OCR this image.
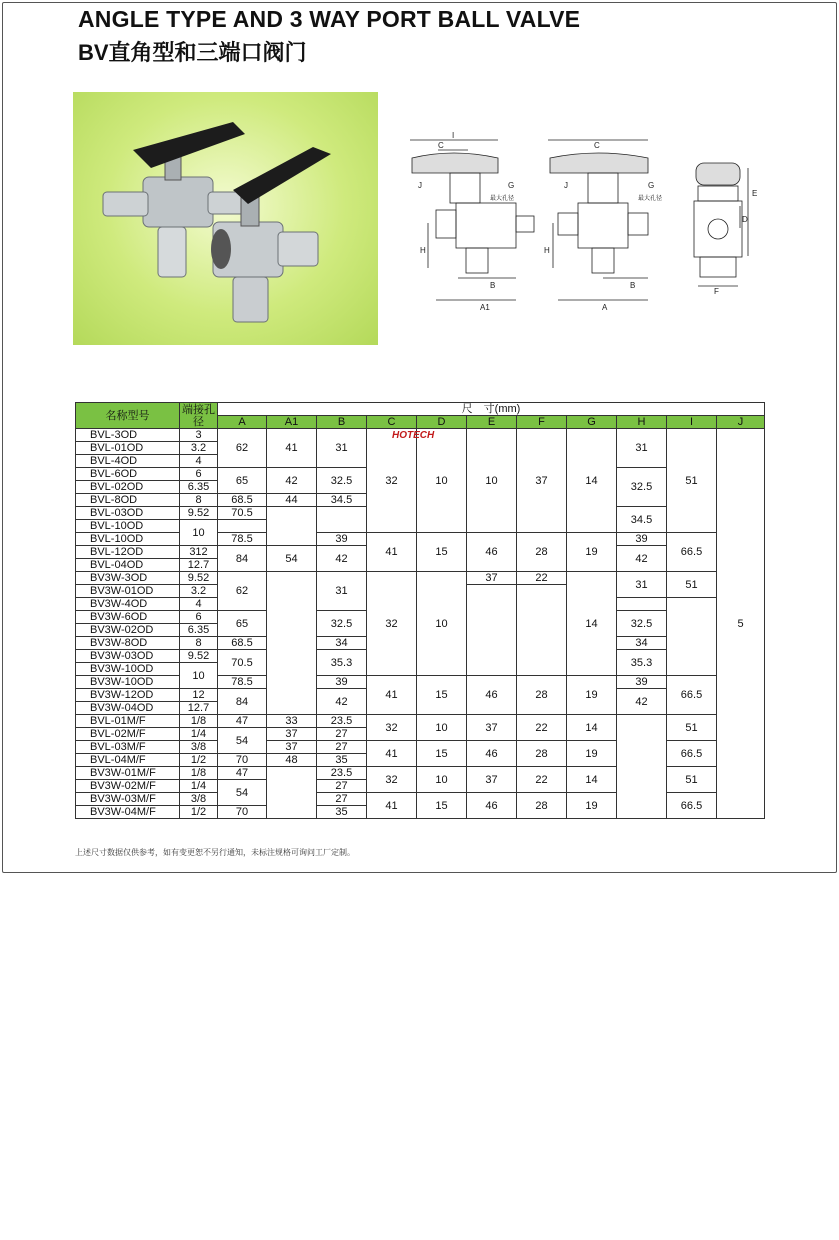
ANGLE TYPE AND 3 WAY PORT BALL VALVE
BV直角型和三端口阀门
I
C
J	G
H
B
A1
C
J	G
H
B
A
E
D
F
最大孔径	最大孔径
名称型号	端接孔径	尺　寸(mm)										
		A	A1	B	C	D	E	F	G	H	I	J
BVL-3OD	3	62	41	31	32	10	10	37	14	31	51	5
BVL-01OD	3.2											
BVL-4OD	4											
BVL-6OD	6	65	42	32.5						32.5		
BVL-02OD	6.35											
BVL-8OD	8	68.5	44	34.5								
BVL-03OD	9.52	70.5								34.5		
BVL-10OD	10											
BVL-10OD		78.5		39	41	15	46	28	19	39	66.5	
BVL-12OD	312	84	54	42						42		
BVL-04OD	12.7											
BV3W-3OD	9.52	62		31	32	10	37	22	14	31	51	
BV3W-01OD	3.2											
BV3W-4OD	4											
BV3W-6OD	6	65		32.5						32.5		
BV3W-02OD	6.35											
BV3W-8OD	8	68.5		34						34		
BV3W-03OD	9.52	70.5		35.3						35.3		
BV3W-10OD	10											
BV3W-10OD		78.5		39	41	15	46	28	19	39	66.5	
BV3W-12OD	12	84		42						42		
BV3W-04OD	12.7											
BVL-01M/F	1/8	47	33	23.5	32	10	37	22	14		51	
BVL-02M/F	1/4	54	37	27								
BVL-03M/F	3/8		37	27	41	15	46	28	19		66.5	
BVL-04M/F	1/2	70	48	35								
BV3W-01M/F	1/8	47		23.5	32	10	37	22	14		51	
BV3W-02M/F	1/4	54		27								
BV3W-03M/F	3/8			27	41	15	46	28	19		66.5	
BV3W-04M/F	1/2	70		35								
HOTECH
上述尺寸数据仅供参考，如有变更恕不另行通知，未标注规格可询问工厂定制。
